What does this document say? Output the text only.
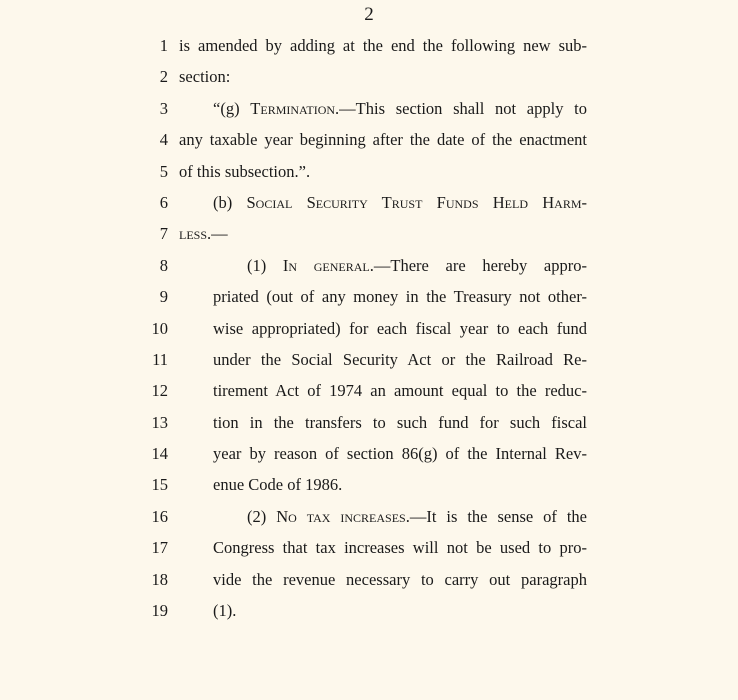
2
1 is amended by adding at the end the following new sub-
2 section:
3	“(g) Termination.—This section shall not apply to
4 any taxable year beginning after the date of the enactment
5 of this subsection.”.
6	(b) Social Security Trust Funds Held Harm-
7 less.—
8	(1) In general.—There are hereby appro-
9	priated (out of any money in the Treasury not other-
10	wise appropriated) for each fiscal year to each fund
11	under the Social Security Act or the Railroad Re-
12	tirement Act of 1974 an amount equal to the reduc-
13	tion in the transfers to such fund for such fiscal
14	year by reason of section 86(g) of the Internal Rev-
15	enue Code of 1986.
16	(2) No tax increases.—It is the sense of the
17	Congress that tax increases will not be used to pro-
18	vide the revenue necessary to carry out paragraph
19	(1).
